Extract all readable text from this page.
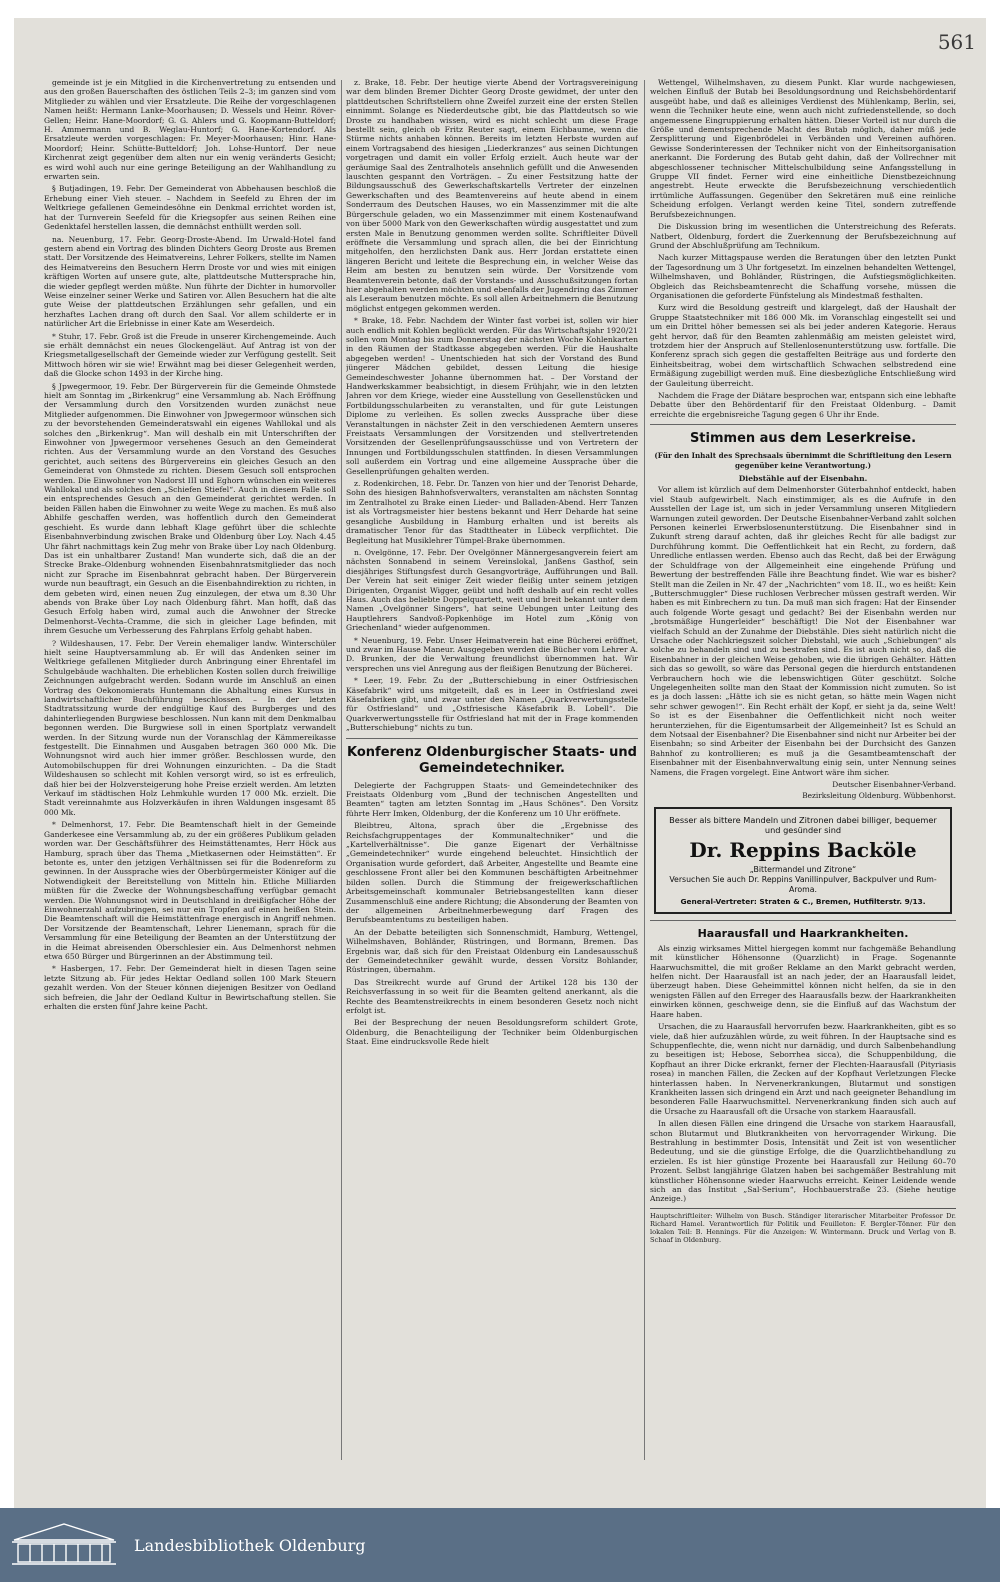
561

gemeinde ist je ein Mitglied in die Kirchenvertretung zu entsenden und aus den großen Bauerschaften des östlichen Teils 2–3; im ganzen sind vom Mitglieder zu wählen und vier Ersatzleute. Die Reihe der vorgeschlagenen Namen heißt: Hermann Lanke-Moorhausen; D. Wessels und Heinr. Röver-Gellen; Heinr. Hane-Moordorf; G. G. Ahlers und G. Koopmann-Butteldorf; H. Ammermann und B. Weglau-Huntorf; G. Hane-Kortendorf. Als Ersatzleute werden vorgeschlagen: Fr. Meyer-Moorhausen; Hinr. Hane-Moordorf; Heinr. Schütte-Butteldorf; Joh. Lohse-Huntorf. Der neue Kirchenrat zeigt gegenüber dem alten nur ein wenig veränderts Gesicht; es wird wohl auch nur eine geringe Beteiligung an der Wahlhandlung zu erwarten sein.

§ Butjadingen, 19. Febr. Der Gemeinderat von Abbehausen beschloß die Erhebung einer Vieh steuer. – Nachdem in Seefeld zu Ehren der im Weltkriege gefallenen Gemeindesöhne ein Denkmal errichtet worden ist, hat der Turnverein Seefeld für die Kriegsopfer aus seinen Reihen eine Gedenktafel herstellen lassen, die demnächst enthüllt werden soll.

na. Neuenburg, 17. Febr. Georg-Droste-Abend. Im Urwald-Hotel fand gestern abend ein Vortrag des blinden Dichters Georg Droste aus Bremen statt. Der Vorsitzende des Heimatvereins, Lehrer Folkers, stellte im Namen des Heimatvereins den Besuchern Herrn Droste vor und wies mit einigen kräftigen Worten auf unsere gute, alte, plattdeutsche Muttersprache hin, die wieder gepflegt werden müßte. Nun führte der Dichter in humorvoller Weise einzelner seiner Werke und Satiren vor. Allen Besuchern hat die alte gute Weise der plattdeutschen Erzählungen sehr gefallen, und ein herzhaftes Lachen drang oft durch den Saal. Vor allem schilderte er in natürlicher Art die Erlebnisse in einer Kate am Weserdeich.

* Stuhr, 17. Febr. Groß ist die Freude in unserer Kirchengemeinde. Auch sie erhält demnächst ein neues Glockengeläut. Auf Antrag ist von der Kriegsmetallgesellschaft der Gemeinde wieder zur Verfügung gestellt. Seit Mittwoch hören wir sie wie! Erwähnt mag bei dieser Gelegenheit werden, daß die Glocke schon 1493 in der Kirche hing.

§ Jpwegermoor, 19. Febr. Der Bürgerverein für die Gemeinde Ohmstede hielt am Sonntag im „Birkenkrug“ eine Versammlung ab. Nach Eröffnung der Versammlung durch den Vorsitzenden wurden zunächst neue Mitglieder aufgenommen. Die Einwohner von Jpwegermoor wünschen sich zu der bevorstehenden Gemeinderatswahl ein eigenes Wahllokal und als solches den „Birkenkrug“. Man will deshalb ein mit Unterschriften der Einwohner von Jpwegermoor versehenes Gesuch an den Gemeinderat richten. Aus der Versammlung wurde an den Vorstand des Gesuches gerichtet, auch seitens des Bürgervereins ein gleiches Gesuch an den Gemeinderat von Ohmstede zu richten. Diesem Gesuch soll entsprochen werden. Die Einwohner von Nadorst III und Eghorn wünschen ein weiteres Wahllokal und als solches den „Schiefen Stiefel“. Auch in diesem Falle soll ein entsprechendes Gesuch an den Gemeinderat gerichtet werden. In beiden Fällen haben die Einwohner zu weite Wege zu machen. Es muß also Abhilfe geschaffen werden, was hoffentlich durch den Gemeinderat geschieht. Es wurde dann lebhaft Klage geführt über die schlechte Eisenbahnverbindung zwischen Brake und Oldenburg über Loy. Nach 4.45 Uhr fährt nachmittags kein Zug mehr von Brake über Loy nach Oldenburg. Das ist ein unhaltbarer Zustand! Man wunderte sich, daß die an der Strecke Brake–Oldenburg wohnenden Eisenbahnratsmitglieder das noch nicht zur Sprache im Eisenbahnrat gebracht haben. Der Bürgerverein wurde nun beauftragt, ein Gesuch an die Eisenbahndirektion zu richten, in dem gebeten wird, einen neuen Zug einzulegen, der etwa um 8.30 Uhr abends von Brake über Loy nach Oldenburg fährt. Man hofft, daß das Gesuch Erfolg haben wird, zumal auch die Anwohner der Strecke Delmenhorst–Vechta–Cramme, die sich in gleicher Lage befinden, mit ihrem Gesuche um Verbesserung des Fahrplans Erfolg gehabt haben.

? Wildeshausen, 17. Febr. Der Verein ehemaliger landw. Winterschüler hielt seine Hauptversammlung ab. Er will das Andenken seiner im Weltkriege gefallenen Mitglieder durch Anbringung einer Ehrentafel im Schulgebäude wachhalten. Die erheblichen Kosten sollen durch freiwillige Zeichnungen aufgebracht werden. Sodann wurde im Anschluß an einen Vortrag des Oekonomierats Huntemann die Abhaltung eines Kursus in landwirtschaftlicher Buchführung beschlossen. – In der letzten Stadtratssitzung wurde der endgültige Kauf des Burgberges und des dahinterliegenden Burgwiese beschlossen. Nun kann mit dem Denkmalbau begonnen werden. Die Burgwiese soll in einen Sportplatz verwandelt werden. In der Sitzung wurde nun der Voranschlag der Kämmereikasse festgestellt. Die Einnahmen und Ausgaben betragen 360 000 Mk. Die Wohnungsnot wird auch hier immer größer. Beschlossen wurde, den Automobilschuppen für drei Wohnungen einzurichten. – Da die Stadt Wildeshausen so schlecht mit Kohlen versorgt wird, so ist es erfreulich, daß hier bei der Holzversteigerung hohe Preise erzielt werden. Am letzten Verkauf im städtischen Holz Lehmkuhle wurden 17 000 Mk. erzielt. Die Stadt vereinnahmte aus Holzverkäufen in ihren Waldungen insgesamt 85 000 Mk.

* Delmenhorst, 17. Febr. Die Beamtenschaft hielt in der Gemeinde Ganderkesee eine Versammlung ab, zu der ein größeres Publikum geladen worden war. Der Geschäftsführer des Heimstättenamtes, Herr Höck aus Hamburg, sprach über das Thema „Mietkasernen oder Heimstätten“. Er betonte es, unter den jetzigen Verhältnissen sei für die Bodenreform zu gewinnen. In der Aussprache wies der Oberbürgermeister Königer auf die Notwendigkeit der Bereitstellung von Mitteln hin. Etliche Milliarden müßten für die Zwecke der Wohnungsbeschaffung verfügbar gemacht werden. Die Wohnungsnot wird in Deutschland in dreißigfacher Höhe der Einwohnerzahl aufzubringen, sei nur ein Tropfen auf einen heißen Stein. Die Beamtenschaft will die Heimstättenfrage energisch in Angriff nehmen. Der Vorsitzende der Beamtenschaft, Lehrer Lienemann, sprach für die Versammlung für eine Beteiligung der Beamten an der Unterstützung der in die Heimat abreisenden Oberschlesier ein. Aus Delmenhorst nehmen etwa 650 Bürger und Bürgerinnen an der Abstimmung teil.

* Hasbergen, 17. Febr. Der Gemeinderat hielt in diesen Tagen seine letzte Sitzung ab. Für jedes Hektar Oedland sollen 100 Mark Steuern gezahlt werden. Von der Steuer können diejenigen Besitzer von Oedland sich befreien, die Jahr der Oedland Kultur in Bewirtschaftung stellen. Sie erhalten die ersten fünf Jahre keine Pacht.

z. Brake, 18. Febr. Der heutige vierte Abend der Vortragsvereinigung war dem blinden Bremer Dichter Georg Droste gewidmet, der unter den plattdeutschen Schriftstellern ohne Zweifel zurzeit eine der ersten Stellen einnimmt. Solange es Niederdeutsche gibt, bie das Plattdeutsch so wie Droste zu handhaben wissen, wird es nicht schlecht um diese Frage bestellt sein, gleich ob Fritz Reuter sagt, einem Eichbaume, wenn die Stürme nichts anhaben können. Bereits im letzten Herbste wurden auf einem Vortragsabend des hiesigen „Liederkranzes“ aus seinen Dichtungen vorgetragen und damit ein voller Erfolg erzielt. Auch heute war der geräumige Saal des Zentralhotels ansehnlich gefüllt und die Anwesenden lauschten gespannt den Vorträgen. – Zu einer Festsitzung hatte der Bildungsausschuß des Gewerkschaftskartells Vertreter der einzelnen Gewerkschaften und des Beamtenvereins auf heute abend in einem Sonderraum des Deutschen Hauses, wo ein Massenzimmer mit die alte Bürgerschule geladen, wo ein Massenzimmer mit einem Kostenaufwand von über 5000 Mark von den Gewerkschaften würdig ausgestattet und zum ersten Male in Benutzung genommen werden sollte. Schriftleiter Düvell eröffnete die Versammlung und sprach allen, die bei der Einrichtung mitgeholfen, den herzlichsten Dank aus. Herr Jordan erstattete einen längeren Bericht und leitete die Besprechung ein, in welcher Weise das Heim am besten zu benutzen sein würde. Der Vorsitzende vom Beamtenverein betonte, daß der Vorstands- und Ausschußsitzungen fortan hier abgehalten werden möchten und ebenfalls der Jugendring das Zimmer als Leseraum benutzen möchte. Es soll allen Arbeitnehmern die Benutzung möglichst entgegen gekommen werden.

* Brake, 18. Febr. Nachdem der Winter fast vorbei ist, sollen wir hier auch endlich mit Kohlen beglückt werden. Für das Wirtschaftsjahr 1920/21 sollen vom Montag bis zum Donnerstag der nächsten Woche Kohlenkarten in den Räumen der Stadtkasse abgegeben werden. Für die Haushalte abgegeben werden! – Unentschieden hat sich der Vorstand des Bund jüngerer Mädchen gebildet, dessen Leitung die hiesige Gemeindeschwester Johanne übernommen hat. – Der Vorstand der Handwerkskammer beabsichtigt, in diesem Frühjahr, wie in den letzten Jahren vor dem Kriege, wieder eine Ausstellung von Gesellenstücken und Fortbildungsschularbeiten zu veranstalten, und für gute Leistungen Diplome zu verleihen. Es sollen zwecks Aussprache über diese Veranstaltungen in nächster Zeit in den verschiedenen Aemtern unseres Freistaats Versammlungen der Vorsitzenden und stellvertretenden Vorsitzenden der Gesellenprüfungsausschüsse und von Vertretern der Innungen und Fortbildungsschulen stattfinden. In diesen Versammlungen soll außerdem ein Vortrag und eine allgemeine Aussprache über die Gesellenprüfungen gehalten werden.

z. Rodenkirchen, 18. Febr. Dr. Tanzen von hier und der Tenorist Deharde, Sohn des hiesigen Bahnhofsverwalters, veranstalten am nächsten Sonntag im Zentralhotel zu Brake einen Lieder- und Balladen-Abend. Herr Tanzen ist als Vortragsmeister hier bestens bekannt und Herr Deharde hat seine gesangliche Ausbildung in Hamburg erhalten und ist bereits als dramatischer Tenor für das Stadttheater in Lübeck verpflichtet. Die Begleitung hat Musiklehrer Tümpel-Brake übernommen.

n. Ovelgönne, 17. Febr. Der Ovelgönner Männergesangverein feiert am nächsten Sonnabend in seinem Vereinslokal, Janßens Gasthof, sein diesjähriges Stiftungsfest durch Gesangvorträge, Aufführungen und Ball. Der Verein hat seit einiger Zeit wieder fleißig unter seinem jetzigen Dirigenten, Organist Wigger, geübt und hofft deshalb auf ein recht volles Haus. Auch das beliebte Doppelquartett, weit und breit bekannt unter dem Namen „Ovelgönner Singers“, hat seine Uebungen unter Leitung des Hauptlehrers Sandvoß-Popkenhöge im Hotel zum „König von Griechenland“ wieder aufgenommen.

* Neuenburg, 19. Febr. Unser Heimatverein hat eine Bücherei eröffnet, und zwar im Hause Maneur. Ausgegeben werden die Bücher vom Lehrer A. D. Brunken, der die Verwaltung freundlichst übernommen hat. Wir versprechen uns viel Anregung aus der fleißigen Benutzung der Bücherei.

* Leer, 19. Febr. Zu der „Butterschiebung in einer Ostfriesischen Käsefabrik“ wird uns mitgeteilt, daß es in Leer in Ostfriesland zwei Käsefabriken gibt, und zwar unter den Namen „Quarkverwertungsstelle für Ostfriesland“ und „Ostfriesische Käsefabrik B. Lobell“. Die Quarkverwertungsstelle für Ostfriesland hat mit der in Frage kommenden „Butterschiebung“ nichts zu tun.

Konferenz Oldenburgischer Staats- und Gemeindetechniker.

Delegierte der Fachgruppen Staats- und Gemeindetechniker des Freistaats Oldenburg vom „Bund der technischen Angestellten und Beamten“ tagten am letzten Sonntag im „Haus Schönes“. Den Vorsitz führte Herr Imken, Oldenburg, der die Konferenz um 10 Uhr eröffnete.

Bleibtreu, Altona, sprach über die „Ergebnisse des Reichsfachgruppentages der Kommunaltechniker“ und die „Kartellverhältnisse“. Die ganze Eigenart der Verhältnisse „Gemeindetechniker“ wurde eingehend beleuchtet. Hinsichtlich der Organisation wurde gefordert, daß Arbeiter, Angestellte und Beamte eine geschlossene Front aller bei den Kommunen beschäftigten Arbeitnehmer bilden sollen. Durch die Stimmung der freigewerkschaftlichen Arbeitsgemeinschaft kommunaler Betriebsangestellten kann dieser Zusammenschluß eine andere Richtung; die Absonderung der Beamten von der allgemeinen Arbeitnehmerbewegung darf Fragen des Berufsbeamtentums zu besteiligen haben.

An der Debatte beteiligten sich Sonnenschmidt, Hamburg, Wettengel, Wilhelmshaven, Bohländer, Rüstringen, und Bormann, Bremen. Das Ergebnis war, daß sich für den Freistaat Oldenburg ein Landesausschuß der Gemeindetechniker gewählt wurde, dessen Vorsitz Bohlander, Rüstringen, übernahm.

Das Streikrecht wurde auf Grund der Artikel 128 bis 130 der Reichsverfassung in so weit für die Beamten geltend anerkannt, als die Rechte des Beamtenstreikrechts in einem besonderen Gesetz noch nicht erfolgt ist.

Bei der Besprechung der neuen Besoldungsreform schildert Grote, Oldenburg, die Benachteiligung der Techniker beim Oldenburgischen Staat. Eine eindrucksvolle Rede hielt

Wettengel, Wilhelmshaven, zu diesem Punkt. Klar wurde nachgewiesen, welchen Einfluß der Butab bei Besoldungsordnung und Reichsbehördentarif ausgeübt habe, und daß es alleiniges Verdienst des Mühlenkamp, Berlin, sei, wenn die Techniker heute eine, wenn auch nicht zufriedenstellende, so doch angemessene Eingruppierung erhalten hätten. Dieser Vorteil ist nur durch die Größe und dementsprechende Macht des Butab möglich, daher müß jede Zersplitterung und Eigenbrödelei in Verbänden und Vereinen aufhören. Gewisse Sonderinteressen der Techniker nicht von der Einheitsorganisation anerkannt. Die Forderung des Butab geht dahin, daß der Vollrechner mit abgeschlossener technischer Mittelschulbildung seine Anfangsstellung in Gruppe VII findet. Ferner wird eine einheitliche Dienstbezeichnung angestrebt. Heute erweckte die Berufsbezeichnung verschiedentlich irrtümliche Auffassungen. Gegenüber den Sekretären muß eine reinliche Scheidung erfolgen. Verlangt werden keine Titel, sondern zutreffende Berufsbezeichnungen.

Die Diskussion bring im wesentlichen die Unterstreichung des Referats. Natbert, Oldenburg, fordert die Zuerkennung der Berufsbezeichnung auf Grund der Abschlußprüfung am Technikum.

Nach kurzer Mittagspause werden die Beratungen über den letzten Punkt der Tagesordnung um 3 Uhr fortgesetzt. Im einzelnen behandelten Wettengel, Wilhelmshaven, und Bohländer, Rüstringen, die Aufstiegsmöglichkeiten. Obgleich das Reichsbeamtenrecht die Schaffung vorsehe, müssen die Organisationen die geforderte Fünfstelung als Mindestmaß festhalten.

Kurz wird die Besoldung gestreift und klargelegt, daß der Haushalt der Gruppe Staatstechniker mit 186 000 Mk. im Voranschlag eingestellt sei und um ein Drittel höher bemessen sei als bei jeder anderen Kategorie. Heraus geht hervor, daß für den Beamten zahlenmäßig am meisten geleistet wird, trotzdem hier der Anspruch auf Stellenlosenunterstützung usw. fortfalle. Die Konferenz sprach sich gegen die gestaffelten Beiträge aus und forderte den Einheitsbeitrag, wobei dem wirtschaftlich Schwachen selbstredend eine Ermäßigung zugebilligt werden muß. Eine diesbezügliche Entschließung wird der Gauleitung überreicht.

Nachdem die Frage der Diätare besprochen war, entspann sich eine lebhafte Debatte über den Behördentarif für den Freistaat Oldenburg. – Damit erreichte die ergebnisreiche Tagung gegen 6 Uhr ihr Ende.

Stimmen aus dem Leserkreise.
(Für den Inhalt des Sprechsaals übernimmt die Schriftleitung den Lesern gegenüber keine Verantwortung.)
Diebstähle auf der Eisenbahn.

Vor allem ist kürzlich auf dem Delmenhorster Güterbahnhof entdeckt, haben viel Staub aufgewirbelt. Nach einstimmiger, als es die Aufrufe in den Ausstellen der Lage ist, um sich in jeder Versammlung unseren Mitgliedern Warnungen zuteil geworden. Der Deutsche Eisenbahner-Verband zahlt solchen Personen keinerlei Erwerbslosenunterstützung. Die Eisenbahner sind in Zukunft streng darauf achten, daß ihr gleiches Recht für alle badigst zur Durchführung kommt. Die Oeffentlichkeit hat ein Recht, zu fordern, daß Unredliche entlassen werden. Ebenso auch das Recht, daß bei der Erwägung der Schuldfrage von der Allgemeinheit eine eingehende Prüfung und Bewertung der bestreffenden Fälle ihre Beachtung findet. Wie war es bisher? Stellt man die Zeilen in Nr. 47 der „Nachrichten“ vom 18. II., wo es heißt: Kein „Butterschmuggler“ Diese ruchlosen Verbrecher müssen gestraft werden. Wir haben es mit Einbrechern zu tun. Da muß man sich fragen: Hat der Einsender auch folgende Worte gesagt und gedacht? Bei der Eisenbahn werden nur „brotsmäßige Hungerleider“ beschäftigt! Die Not der Eisenbahner war vielfach Schuld an der Zunahme der Diebstähle. Dies sieht natürlich nicht die Ursache oder Nachkriegszeit solcher Diebstahl, wie auch „Schiebungen“ als solche zu behandeln sind und zu bestrafen sind. Es ist auch nicht so, daß die Eisenbahner in der gleichen Weise gehoben, wie die übrigen Gehälter. Hätten sich das so gewollt, so wäre das Personal gegen die hierdurch entstandenen Verbrauchern hoch wie die lebenswichtigen Güter geschützt. Solche Ungelegenheiten sollte man den Staat der Kommission nicht zumuten. So ist es ja doch lassen: „Hätte ich sie es nicht getan, so hätte mein Wagen nicht sehr schwer gewogen!“. Ein Recht erhält der Kopf, er sieht ja da, seine Welt! So ist es der Eisenbahner die Oeffentlichkeit nicht noch weiter herunterziehen, für die Eigentumsarbeit der Allgemeinheit? Ist es Schuld an dem Notsaal der Eisenbahner? Die Eisenbahner sind nicht nur Arbeiter bei der Eisenbahn; so sind Arbeiter der Eisenbahn bei der Durchsicht des Ganzen Bahnhof zu kontrollieren; es muß ja die Gesamtbeamtenschaft der Eisenbahner mit der Eisenbahnverwaltung einig sein, unter Nennung seines Namens, die Fragen vorgelegt. Eine Antwort wäre ihm sicher.

Deutscher Eisenbahner-Verband.
Bezirksleitung Oldenburg. Wübbenhorst.
Besser als bittere Mandeln und Zitronen dabei billiger, bequemer und gesünder sind
Dr. Reppins Backöle
„Bittermandel und Zitrone“
Versuchen Sie auch Dr. Reppins Vanillinpulver, Backpulver und Rum-Aroma.
General-Vertreter: Straten & C., Bremen, Hutfilterstr. 9/13.
Haarausfall und Haarkrankheiten.

Als einzig wirksames Mittel hiergegen kommt nur fachgemäße Behandlung mit künstlicher Höhensonne (Quarzlicht) in Frage. Sogenannte Haarwuchsmittel, die mit großer Reklame an den Markt gebracht werden, helfen nicht. Der Haarausfall ist an nach jeder, der an Haarausfall leidet, überzeugt haben. Diese Geheimmittel können nicht helfen, da sie in den wenigsten Fällen auf den Erreger des Haarausfalls bezw. der Haarkrankheiten einwirken können, geschweige denn, sie die Einfluß auf das Wachstum der Haare haben.

Ursachen, die zu Haarausfall hervorrufen bezw. Haarkrankheiten, gibt es so viele, daß hier aufzuzählen würde, zu weit führen. In der Hauptsache sind es Schuppenflechte, die, wenn nicht nur darnädig, und durch Salbenbehandlung zu beseitigen ist; Hebose, Seborrhea sicca), die Schuppenbildung, die Kopfhaut an ihrer Dicke erkrankt, ferner der Flechten-Haarausfall (Pityriasis rosea) in manchen Fällen, die Zecken auf der Kopfhaut Verletzungen Flecke hinterlassen haben. In Nervenerkrankungen, Blutarmut und sonstigen Krankheiten lassen sich dringend ein Arzt und nach geeigneter Behandlung im besonderen Falle Haarwuchsmittel. Nervenerkrankung finden sich auch auf die Ursache zu Haarausfall oft die Ursache von starkem Haarausfall.

In allen diesen Fällen eine dringend die Ursache von starkem Haarausfall, schon Blutarmut und Blutkrankheiten von hervorragender Wirkung. Die Bestrahlung in bestimmter Dosis, Intensität und Zeit ist von wesentlicher Bedeutung, und sie die günstige Erfolge, die die Quarzlichtbehandlung zu erzielen. Es ist hier günstige Prozente bei Haarausfall zur Heilung 60–70 Prozent. Selbst langjährige Glatzen haben bei sachgemäßer Bestrahlung mit künstlicher Höhensonne wieder Haarwuchs erreicht. Keiner Leidende wende sich an das Institut „Sal-Serium“, Hochbauerstraße 23. (Siehe heutige Anzeige.)

Hauptschriftleiter: Wilhelm von Busch. Ständiger literarischer Mitarbeiter Professor Dr. Richard Hamel. Verantwortlich für Politik und Feuilleton: F. Bergler-Tönner. Für den lokalen Teil: B. Hennings. Für die Anzeigen: W. Wintermann. Druck und Verlag von B. Schaaf in Oldenburg.
Landesbibliothek Oldenburg
